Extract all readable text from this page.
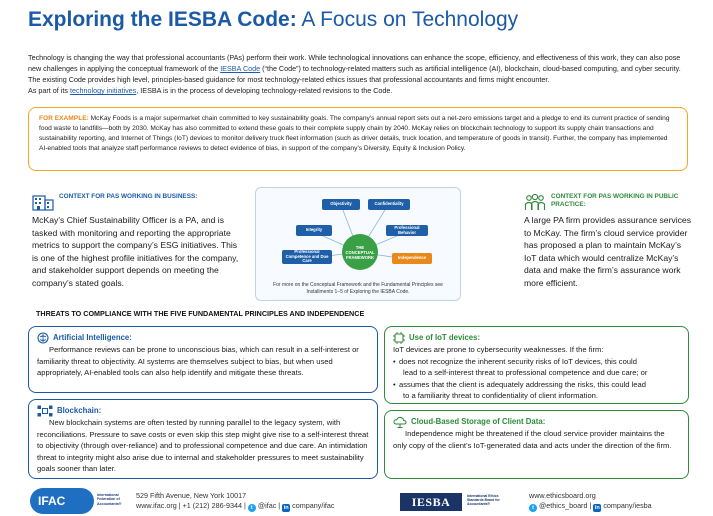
Exploring the IESBA Code: A Focus on Technology

Technology is changing the way that professional accountants (PAs) perform their work. While technological innovations can enhance the scope, efficiency, and effectiveness of this work, they can also pose new challenges in applying the conceptual framework of the IESBA Code (“the Code”) to technology-related matters such as artificial intelligence (AI), blockchain, cloud-based computing, and cyber security. The existing Code provides high level, principles-based guidance for most technology-related ethics issues that professional accountants and firms might encounter.

As part of its technology initiatives, IESBA is in the process of developing technology-related revisions to the Code.

FOR EXAMPLE: McKay Foods is a major supermarket chain committed to key sustainability goals. The company’s annual report sets out a net-zero emissions target and a pledge to end its current practice of sending food waste to landfills—both by 2030. McKay has also committed to extend these goals to their complete supply chain by 2040. McKay relies on blockchain technology to support its supply chain transactions and sustainability reporting, and Internet of Things (IoT) devices to monitor delivery truck fleet information (such as driver details, truck location, and temperature of goods in transit). Further, the company has implemented AI-enabled tools that analyze staff performance reviews to detect evidence of bias, in support of the company’s Diversity, Equity & Inclusion Policy.
CONTEXT FOR PAS WORKING IN BUSINESS:
McKay’s Chief Sustainability Officer is a PA, and is tasked with monitoring and reporting the appropriate metrics to support the company’s ESG initiatives. This is one of the highest profile initiatives for the company, and stakeholder support depends on meeting the company’s stated goals.
Objectivity	Confidentiality
Integrity	Professional Behavior
Professional Competence and Due Care
Independence
THE CONCEPTUAL FRAMEWORK
For more on the Conceptual Framework and the Fundamental Principles see Installments 1–5 of Exploring the IESBA Code.
CONTEXT FOR PAS WORKING IN PUBLIC PRACTICE:
A large PA firm provides assurance services to McKay. The firm’s cloud service provider has proposed a plan to maintain McKay’s IoT data which would centralize McKay’s data and make the firm’s assurance work more efficient.
THREATS TO COMPLIANCE WITH THE FIVE FUNDAMENTAL PRINCIPLES AND INDEPENDENCE
Artificial Intelligence:
Performance reviews can be prone to unconscious bias, which can result in a self-interest or familiarity threat to objectivity. AI systems are themselves subject to bias, but when used appropriately, AI-enabled tools can also help identify and mitigate these threats.
Blockchain:
New blockchain systems are often tested by running parallel to the legacy system, with reconciliations. Pressure to save costs or even skip this step might give rise to a self-interest threat to objectivity (through over-reliance) and to professional competence and due care. An intimidation threat to integrity might also arise due to internal and stakeholder pressures to meet sustainability goals sooner than later.
Use of IoT devices:
IoT devices are prone to cybersecurity weaknesses. If the firm:
• does not recognize the inherent security risks of IoT devices, this could
lead to a self-interest threat to professional competence and due care; or
• assumes that the client is adequately addressing the risks, this could lead
to a familiarity threat to confidentiality of client information.
Cloud-Based Storage of Client Data:
Independence might be threatened if the cloud service provider maintains the only copy of the client’s IoT-generated data and acts under the direction of the firm.
IFAC	International Federation of Accountants®
529 Fifth Avenue, New York 10017
www.ifac.org | +1 (212) 286-9344 | t @ifac | in company/ifac	IESBA	International Ethics Standards Board for Accountants®
www.ethicsboard.org
t @ethics_board | in company/iesba
